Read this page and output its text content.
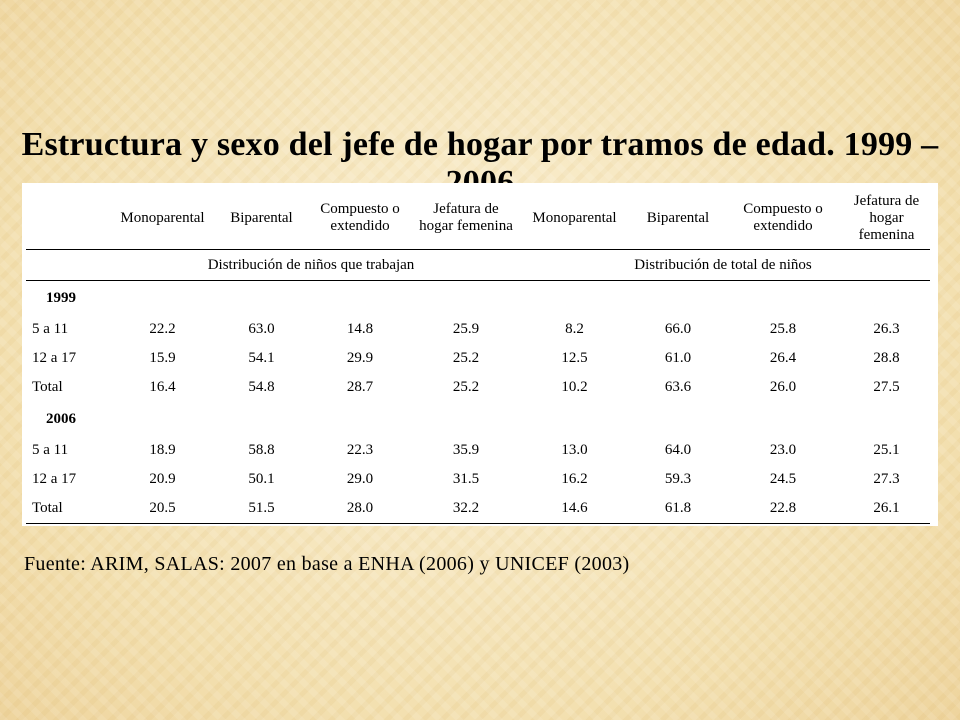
Estructura y sexo del jefe de hogar por tramos de edad. 1999 –
	Monoparental	Biparental	Compuesto o extendido	Jefatura de hogar femenina	Monoparental	Biparental	Compuesto o extendido	Jefatura de hogar femenina
	Distribución de niños que trabajan				Distribución de total de niños			
1999								
5 a 11	22.2	63.0	14.8	25.9	8.2	66.0	25.8	26.3
12 a 17	15.9	54.1	29.9	25.2	12.5	61.0	26.4	28.8
Total	16.4	54.8	28.7	25.2	10.2	63.6	26.0	27.5
2006								
5 a 11	18.9	58.8	22.3	35.9	13.0	64.0	23.0	25.1
12 a 17	20.9	50.1	29.0	31.5	16.2	59.3	24.5	27.3
Total	20.5	51.5	28.0	32.2	14.6	61.8	22.8	26.1
Fuente: ARIM, SALAS: 2007 en base a ENHA (2006) y UNICEF (2003)
